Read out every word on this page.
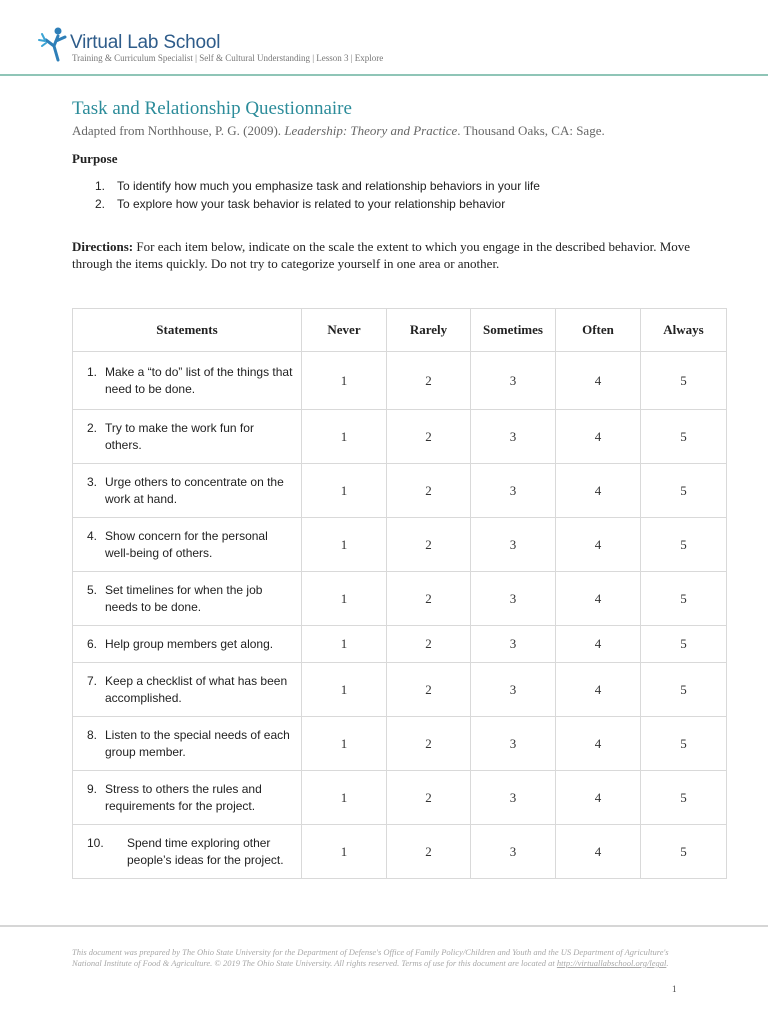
Virtual Lab School
Training & Curriculum Specialist | Self & Cultural Understanding | Lesson 3 | Explore
Task and Relationship Questionnaire
Adapted from Northhouse, P. G. (2009). Leadership: Theory and Practice. Thousand Oaks, CA: Sage.
Purpose
1. To identify how much you emphasize task and relationship behaviors in your life
2. To explore how your task behavior is related to your relationship behavior
Directions: For each item below, indicate on the scale the extent to which you engage in the described behavior. Move through the items quickly. Do not try to categorize yourself in one area or another.
Statements	Never	Rarely	Sometimes	Often	Always

1. Make a “to do” list of the things that need to be done.	1	2	3	4	5

2. Try to make the work fun for others.	1	2	3	4	5

3. Urge others to concentrate on the work at hand.	1	2	3	4	5

4. Show concern for the personal well-being of others.	1	2	3	4	5

5. Set timelines for when the job needs to be done.	1	2	3	4	5

6. Help group members get along.	1	2	3	4	5

7. Keep a checklist of what has been accomplished.	1	2	3	4	5

8. Listen to the special needs of each group member.	1	2	3	4	5

9. Stress to others the rules and requirements for the project.	1	2	3	4	5

10. Spend time exploring other people’s ideas for the project.	1	2	3	4	5
This document was prepared by The Ohio State University for the Department of Defense's Office of Family Policy/Children and Youth and the US Department of Agriculture's National Institute of Food & Agriculture. © 2019 The Ohio State University. All rights reserved. Terms of use for this document are located at http://virtuallabschool.org/legal.
1
